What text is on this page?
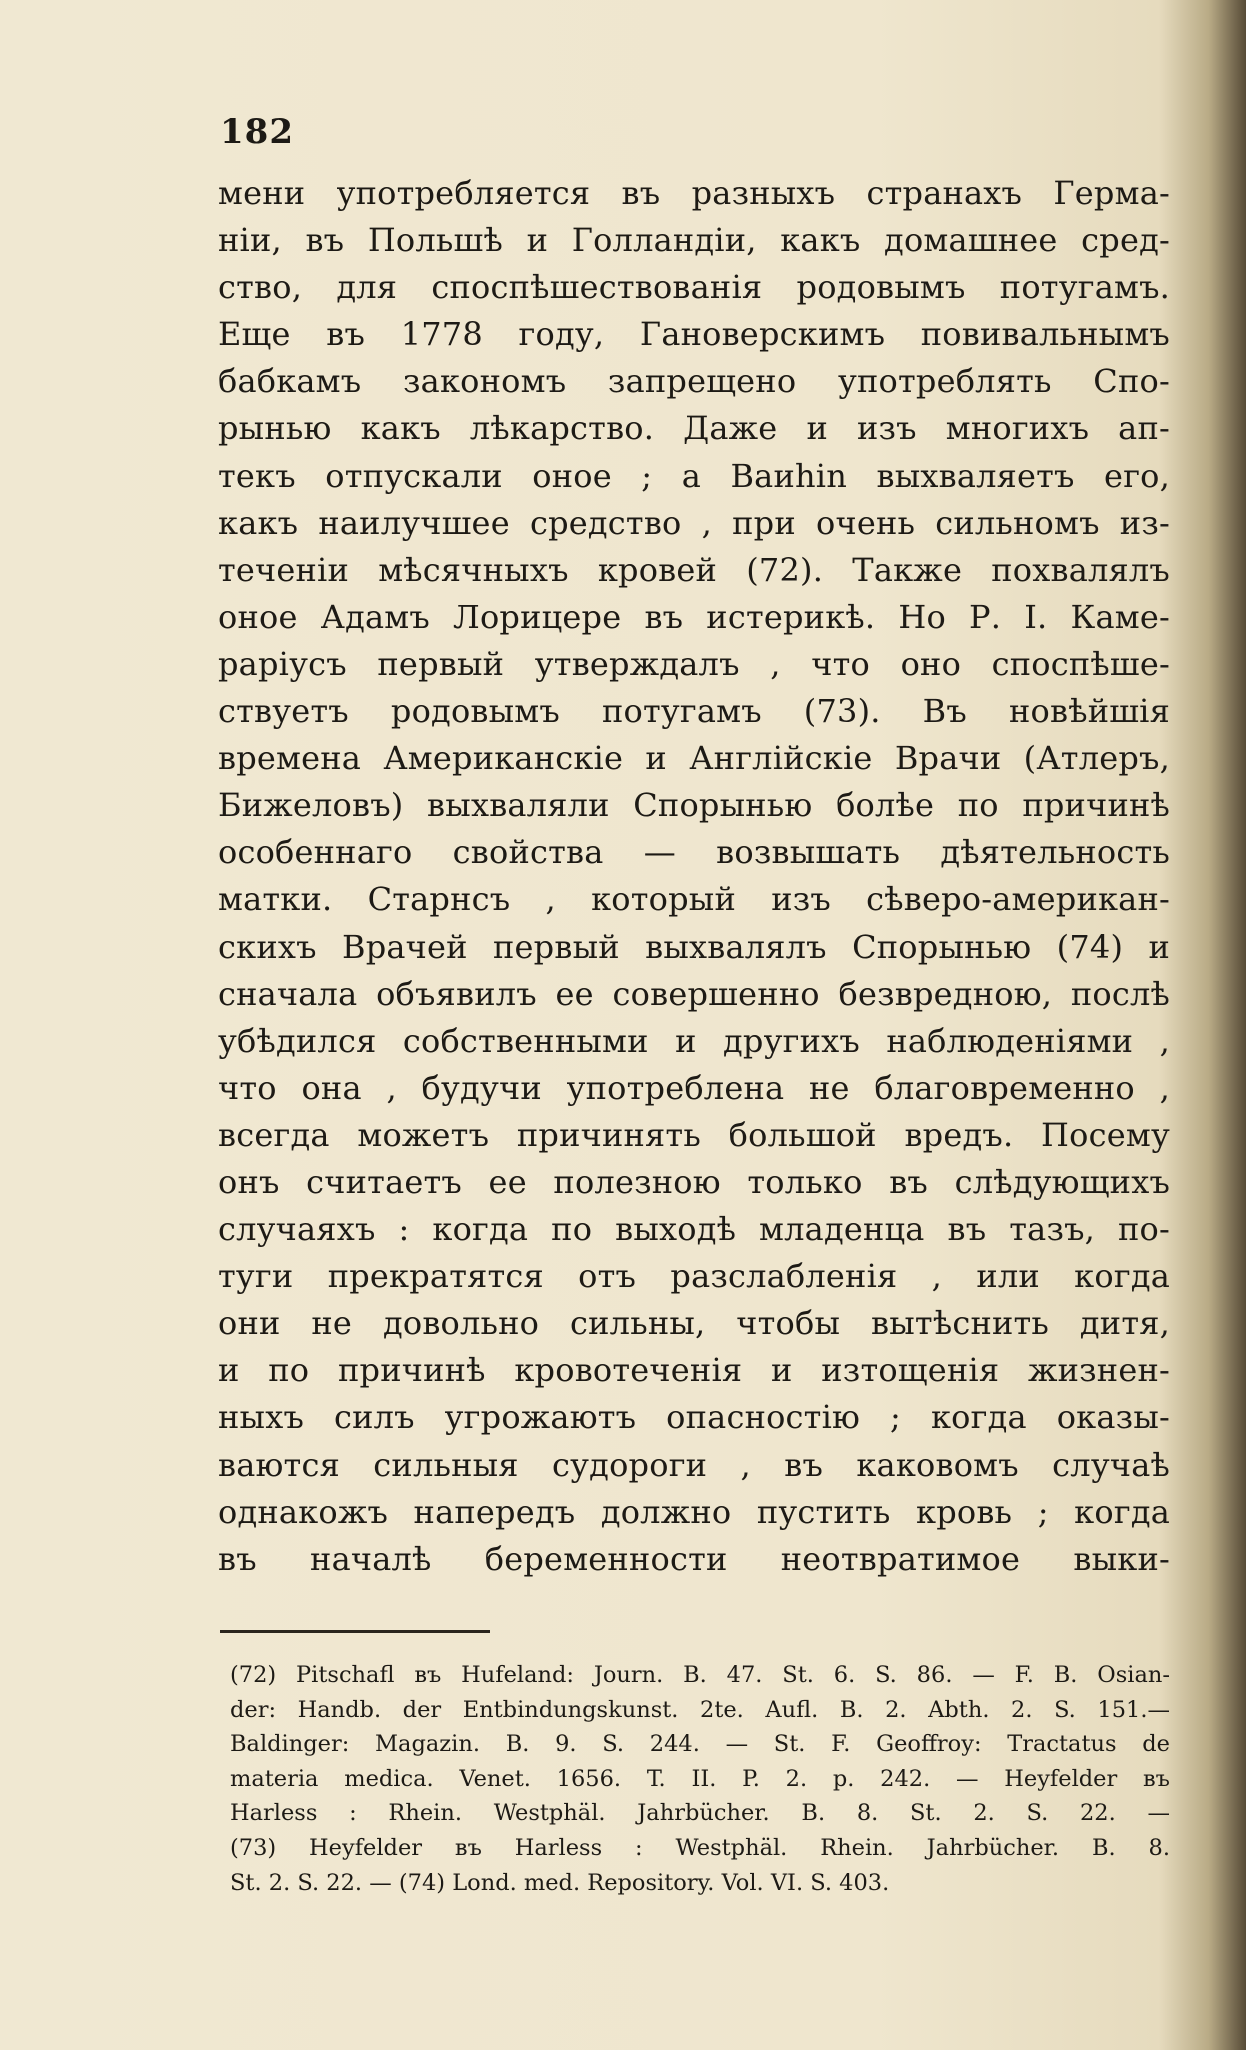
182
мени употребляется въ разныхъ странахъ Герма-
ніи, въ Польшѣ и Голландіи, какъ домашнее сред-
ство, для споспѣшествованія родовымъ потугамъ.
Еще въ 1778 году, Гановерскимъ повивальнымъ
бабкамъ закономъ запрещено употреблять Спо-
рынью какъ лѣкарство. Даже и изъ многихъ ап-
текъ отпускали оное ; а Ваиhin выхваляетъ его,
какъ наилучшее средство , при очень сильномъ из-
теченіи мѣсячныхъ кровей (72). Также похвалялъ
оное Адамъ Лорицере въ истерикѣ. Но Р. І. Каме-
раріусъ первый утверждалъ , что оно споспѣше-
ствуетъ родовымъ потугамъ (73). Въ новѣйшія
времена Американскіе и Англійскіе Врачи (Атлеръ,
Бижеловъ) выхваляли Спорынью болѣе по причинѣ
особеннаго свойства — возвышать дѣятельность
матки. Старнсъ , который изъ сѣверо-американ-
скихъ Врачей первый выхвалялъ Спорынью (74) и
сначала объявилъ ее совершенно безвредною, послѣ
убѣдился собственными и другихъ наблюденіями ,
что она , будучи употреблена не благовременно ,
всегда можетъ причинять большой вредъ. Посему
онъ считаетъ ее полезною только въ слѣдующихъ
случаяхъ : когда по выходѣ младенца въ тазъ, по-
туги прекратятся отъ разслабленія , или когда
они не довольно сильны, чтобы вытѣснить дитя,
и по причинѣ кровотеченія и изтощенія жизнен-
ныхъ силъ угрожаютъ опасностію ; когда оказы-
ваются сильныя судороги , въ каковомъ случаѣ
однакожъ напередъ должно пустить кровь ; когда
въ началѣ беременности неотвратимое выки-
(72) Pitschafl въ Hufeland: Journ. B. 47. St. 6. S. 86. — F. B. Osian-
der: Handb. der Entbindungskunst. 2te. Aufl. B. 2. Abth. 2. S. 151.—
Baldinger: Magazin. B. 9. S. 244. — St. F. Geoffroy: Tractatus de
materia medica. Venet. 1656. T. II. P. 2. p. 242. — Heyfelder въ
Harless : Rhein. Westphäl. Jahrbücher. B. 8. St. 2. S. 22. —
(73) Heyfelder въ Harless : Westphäl. Rhein. Jahrbücher. B. 8.
St. 2. S. 22. — (74) Lond. med. Repository. Vol. VI. S. 403.
